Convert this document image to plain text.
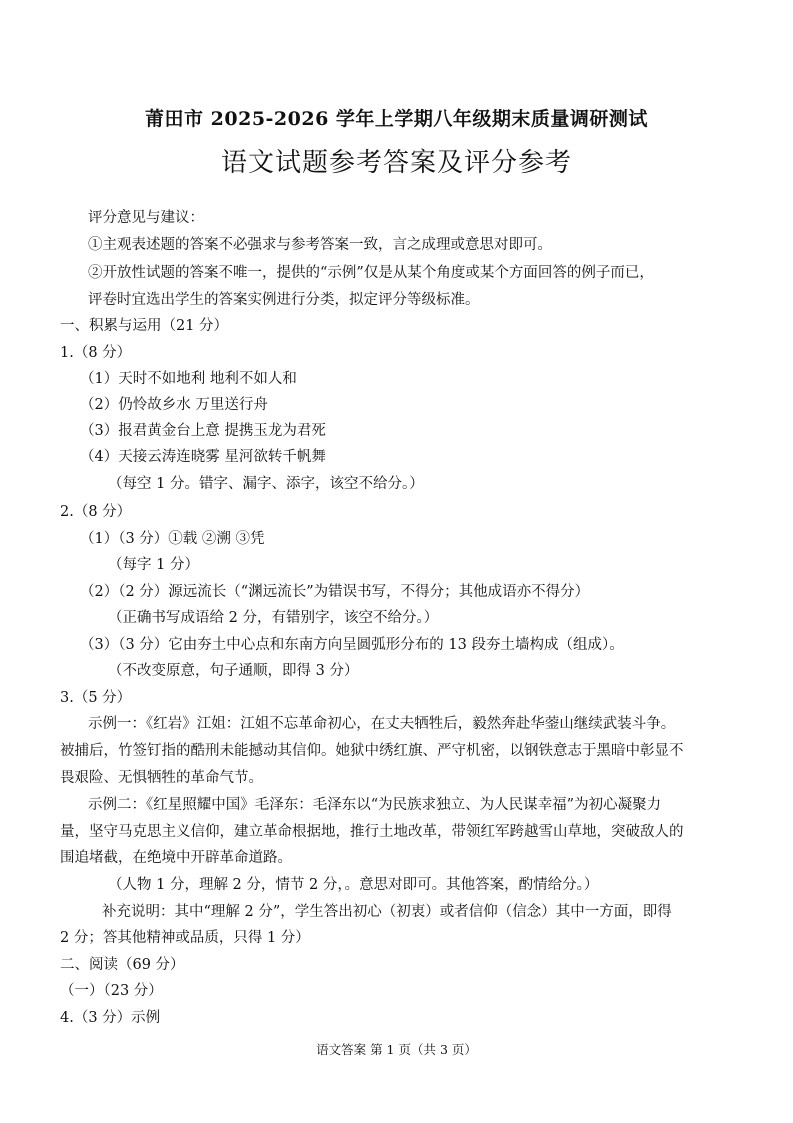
莆田市 2025-2026 学年上学期八年级期末质量调研测试
语文试题参考答案及评分参考
评分意见与建议：
①主观表述题的答案不必强求与参考答案一致，言之成理或意思对即可。
②开放性试题的答案不唯一，提供的“示例”仅是从某个角度或某个方面回答的例子而已，
评卷时宜选出学生的答案实例进行分类，拟定评分等级标准。
一、积累与运用（21 分）
1.（8 分）
（1）天时不如地利 地利不如人和
（2）仍怜故乡水 万里送行舟
（3）报君黄金台上意 提携玉龙为君死
（4）天接云涛连晓雾 星河欲转千帆舞
（每空 1 分。错字、漏字、添字，该空不给分。）
2.（8 分）
（1）（3 分）①载 ②溯 ③凭
（每字 1 分）
（2）（2 分）源远流长（“渊远流长”为错误书写，不得分；其他成语亦不得分）
（正确书写成语给 2 分，有错别字，该空不给分。）
（3）（3 分）它由夯土中心点和东南方向呈圆弧形分布的 13 段夯土墙构成（组成）。
（不改变原意，句子通顺，即得 3 分）
3.（5 分）
示例一：《红岩》江姐：江姐不忘革命初心，在丈夫牺牲后，毅然奔赴华蓥山继续武装斗争。
被捕后，竹签钉指的酷刑未能撼动其信仰。她狱中绣红旗、严守机密，以钢铁意志于黑暗中彰显不
畏艰险、无惧牺牲的革命气节。
示例二：《红星照耀中国》毛泽东：毛泽东以“为民族求独立、为人民谋幸福”为初心凝聚力
量，坚守马克思主义信仰，建立革命根据地，推行土地改革，带领红军跨越雪山草地，突破敌人的
围追堵截，在绝境中开辟革命道路。
（人物 1 分，理解 2 分，情节 2 分，。意思对即可。其他答案，酌情给分。）
补充说明：其中“理解 2 分”，学生答出初心（初衷）或者信仰（信念）其中一方面，即得
2 分；答其他精神或品质，只得 1 分）
二、阅读（69 分）
（一）（23 分）
4.（3 分）示例
语文答案 第 1 页（共 3 页）
